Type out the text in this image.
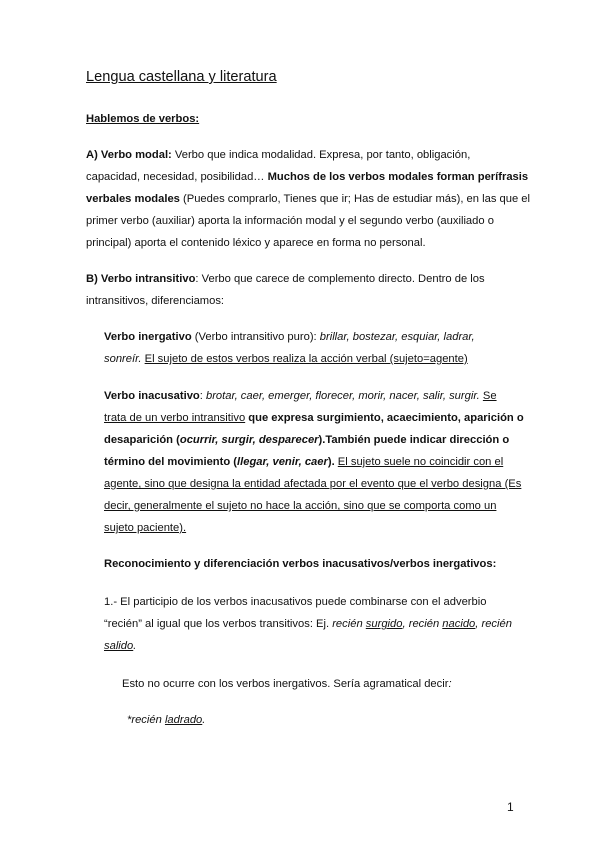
Lengua castellana y literatura
Hablemos de verbos:
A) Verbo modal: Verbo que indica modalidad. Expresa, por tanto, obligación,
capacidad, necesidad, posibilidad… Muchos de los verbos modales forman perífrasis
verbales modales (Puedes comprarlo, Tienes que ir; Has de estudiar más), en las que el
primer verbo (auxiliar) aporta la información modal y el segundo verbo (auxiliado o
principal) aporta el contenido léxico y aparece en forma no personal.
B) Verbo intransitivo: Verbo que carece de complemento directo. Dentro de los
intransitivos, diferenciamos:
Verbo inergativo (Verbo intransitivo puro): brillar, bostezar, esquiar, ladrar,
sonreír. El sujeto de estos verbos realiza la acción verbal (sujeto=agente)
Verbo inacusativo: brotar, caer, emerger, florecer, morir, nacer, salir, surgir. Se
trata de un verbo intransitivo que expresa surgimiento, acaecimiento, aparición o
desaparición (ocurrir, surgir, desparecer).También puede indicar dirección o
término del movimiento (llegar, venir, caer). El sujeto suele no coincidir con el
agente, sino que designa la entidad afectada por el evento que el verbo designa (Es
decir, generalmente el sujeto no hace la acción, sino que se comporta como un
sujeto paciente).
Reconocimiento y diferenciación verbos inacusativos/verbos inergativos:
1.- El participio de los verbos inacusativos puede combinarse con el adverbio
“recién” al igual que los verbos transitivos: Ej. recién surgido, recién nacido, recién
salido.
Esto no ocurre con los verbos inergativos. Sería agramatical decir:
*recién ladrado.
1
